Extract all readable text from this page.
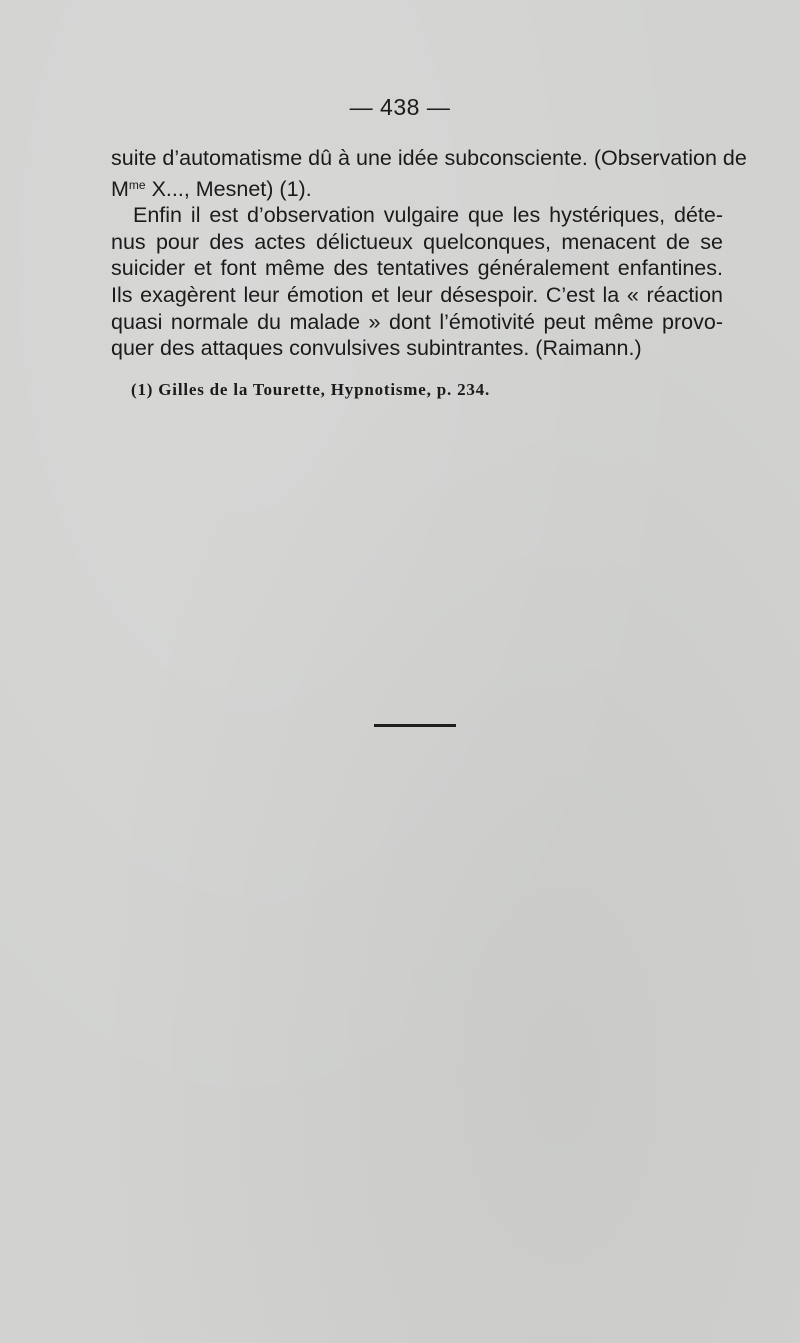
— 438 —

suite d’automatisme dû à une idée subconsciente. (Observation de
$M^{me}$ X..., Mesnet) (1).

Enfin il est d’observation vulgaire que les hystériques, déte-
nus pour des actes délictueux quelconques, menacent de se
suicider et font même des tentatives généralement enfantines.
Ils exagèrent leur émotion et leur désespoir. C’est la « réaction
quasi normale du malade » dont l’émotivité peut même provo-
quer des attaques convulsives subintrantes. (Raimann.)

(1) Gilles de la Tourette, Hypnotisme, p. 234.
